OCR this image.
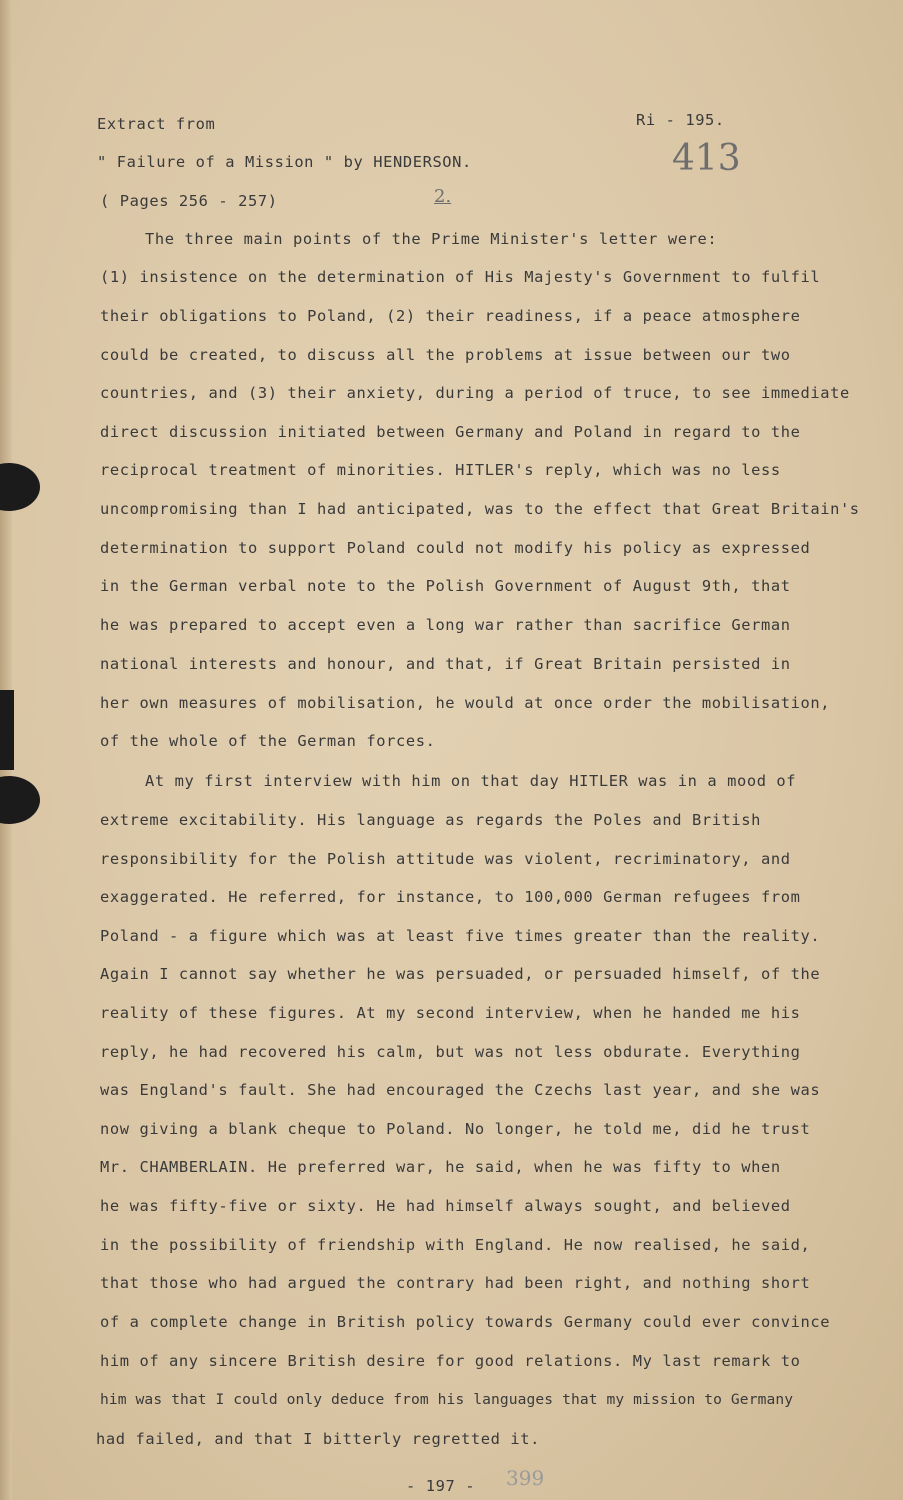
Extract from	Ri - 195.
" Failure of a Mission " by HENDERSON.	413
( Pages 256 - 257)	2.
The three main points of the Prime Minister's letter were:
(1) insistence on the determination of His Majesty's Government to fulfil
their obligations to Poland, (2) their readiness, if a peace atmosphere
could be created, to discuss all the problems at issue between our two
countries, and (3) their anxiety, during a period of truce, to see immediate
direct discussion initiated between Germany and Poland in regard to the
reciprocal treatment of minorities. HITLER's reply, which was no less
uncompromising than I had anticipated, was to the effect that Great Britain's
determination to support Poland could not modify his policy as expressed
in the German verbal note to the Polish Government of August 9th, that
he was prepared to accept even a long war rather than sacrifice German
national interests and honour, and that, if Great Britain persisted in
her own measures of mobilisation, he would at once order the mobilisation,
of the whole of the German forces.
At my first interview with him on that day HITLER was in a mood of
extreme excitability. His language as regards the Poles and British
responsibility for the Polish attitude was violent, recriminatory, and
exaggerated. He referred, for instance, to 100,000 German refugees from
Poland - a figure which was at least five times greater than the reality.
Again I cannot say whether he was persuaded, or persuaded himself, of the
reality of these figures. At my second interview, when he handed me his
reply, he had recovered his calm, but was not less obdurate. Everything
was England's fault. She had encouraged the Czechs last year, and she was
now giving a blank cheque to Poland. No longer, he told me, did he trust
Mr. CHAMBERLAIN. He preferred war, he said, when he was fifty to when
he was fifty-five or sixty. He had himself always sought, and believed
in the possibility of friendship with England. He now realised, he said,
that those who had argued the contrary had been right, and nothing short
of a complete change in British policy towards Germany could ever convince
him of any sincere British desire for good relations. My last remark to
him was that I could only deduce from his languages that my mission to Germany
had failed, and that I bitterly regretted it.
- 197 - 399
